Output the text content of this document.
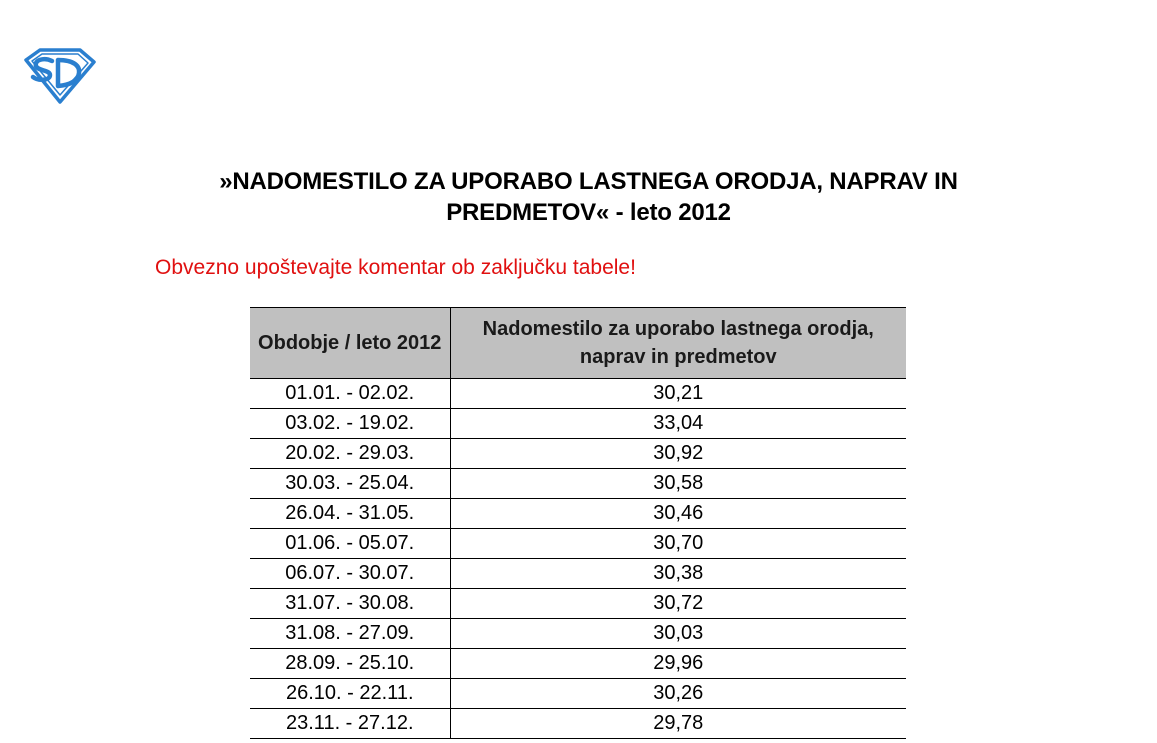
»NADOMESTILO ZA UPORABO LASTNEGA ORODJA, NAPRAV IN
PREDMETOV« - leto 2012
Obvezno upoštevajte komentar ob zaključku tabele!
Obdobje / leto 2012	Nadomestilo za uporabo lastnega orodja, naprav in predmetov
01.01. - 02.02.	30,21
03.02. - 19.02.	33,04
20.02. - 29.03.	30,92
30.03. - 25.04.	30,58
26.04. - 31.05.	30,46
01.06. - 05.07.	30,70
06.07. - 30.07.	30,38
31.07. - 30.08.	30,72
31.08. - 27.09.	30,03
28.09. - 25.10.	29,96
26.10. - 22.11.	30,26
23.11. - 27.12.	29,78
